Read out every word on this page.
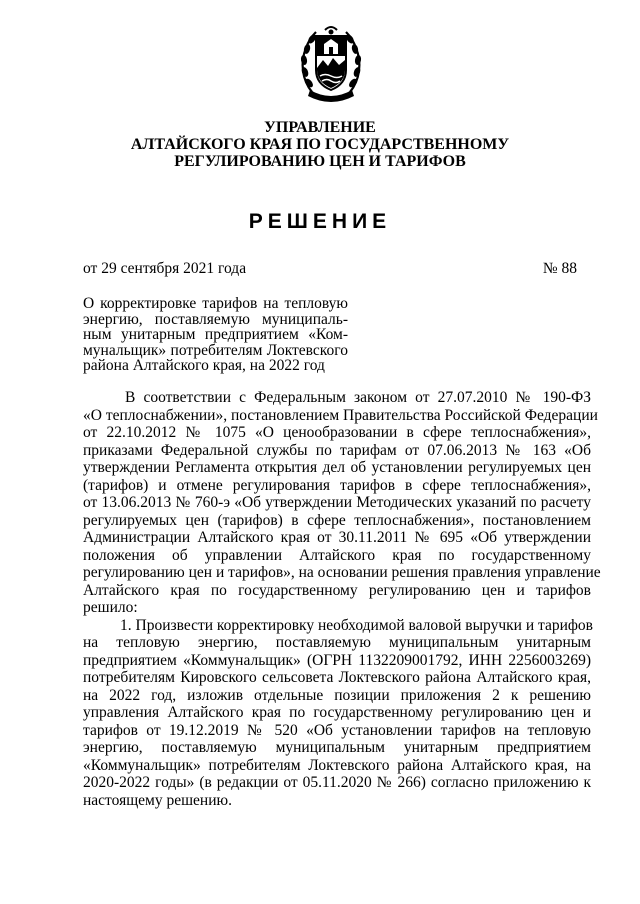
УПРАВЛЕНИЕ
АЛТАЙСКОГО КРАЯ ПО ГОСУДАРСТВЕННОМУ
РЕГУЛИРОВАНИЮ ЦЕН И ТАРИФОВ
РЕШЕНИЕ
от 29 сентября 2021 года	№ 88
О корректировке тарифов на тепловую
энергию, поставляемую муниципаль-
ным унитарным предприятием «Ком-
мунальщик» потребителям Локтевского
района Алтайского края, на 2022 год
В соответствии с Федеральным законом от 27.07.2010 № 190-ФЗ
«О теплоснабжении», постановлением Правительства Российской Федерации
от 22.10.2012 № 1075 «О ценообразовании в сфере теплоснабжения»,
приказами Федеральной службы по тарифам от 07.06.2013 № 163 «Об
утверждении Регламента открытия дел об установлении регулируемых цен
(тарифов) и отмене регулирования тарифов в сфере теплоснабжения»,
от 13.06.2013 № 760-э «Об утверждении Методических указаний по расчету
регулируемых цен (тарифов) в сфере теплоснабжения», постановлением
Администрации Алтайского края от 30.11.2011 № 695 «Об утверждении
положения об управлении Алтайского края по государственному
регулированию цен и тарифов», на основании решения правления управление
Алтайского края по государственному регулированию цен и тарифов
решило:
1. Произвести корректировку необходимой валовой выручки и тарифов
на тепловую энергию, поставляемую муниципальным унитарным
предприятием «Коммунальщик» (ОГРН 1132209001792, ИНН 2256003269)
потребителям Кировского сельсовета Локтевского района Алтайского края,
на 2022 год, изложив отдельные позиции приложения 2 к решению
управления Алтайского края по государственному регулированию цен и
тарифов от 19.12.2019 № 520 «Об установлении тарифов на тепловую
энергию, поставляемую муниципальным унитарным предприятием
«Коммунальщик» потребителям Локтевского района Алтайского края, на
2020-2022 годы» (в редакции от 05.11.2020 № 266) согласно приложению к
настоящему решению.
